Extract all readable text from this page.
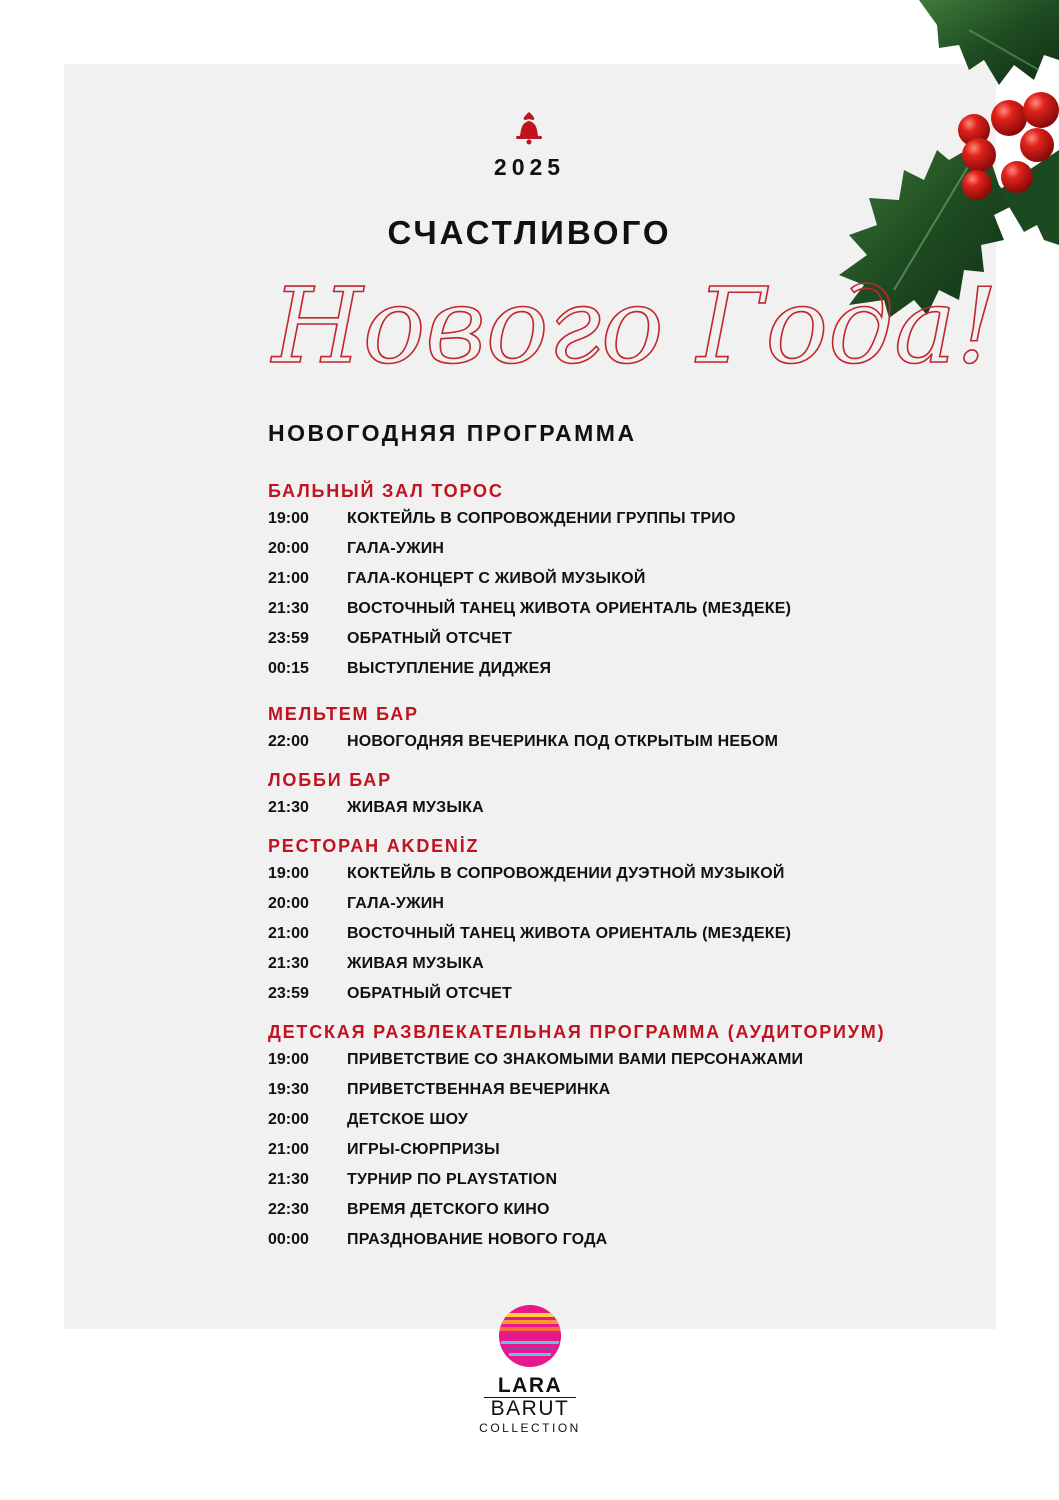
2025
СЧАСТЛИВОГО
Нового Года!
НОВОГОДНЯЯ ПРОГРАММА
БАЛЬНЫЙ ЗАЛ ТОРОС
19:00	КОКТЕЙЛЬ В СОПРОВОЖДЕНИИ ГРУППЫ ТРИО
20:00	ГАЛА-УЖИН
21:00	ГАЛА-КОНЦЕРТ С ЖИВОЙ МУЗЫКОЙ
21:30	ВОСТОЧНЫЙ ТАНЕЦ ЖИВОТА ОРИЕНТАЛЬ (МЕЗДЕКЕ)
23:59	ОБРАТНЫЙ ОТСЧЕТ
00:15	ВЫСТУПЛЕНИЕ ДИДЖЕЯ
МЕЛЬТЕМ БАР
22:00	НОВОГОДНЯЯ ВЕЧЕРИНКА ПОД ОТКРЫТЫМ НЕБОМ
ЛОББИ БАР
21:30	ЖИВАЯ МУЗЫКА
РЕСТОРАН AKDENİZ
19:00	КОКТЕЙЛЬ В СОПРОВОЖДЕНИИ ДУЭТНОЙ МУЗЫКОЙ
20:00	ГАЛА-УЖИН
21:00	ВОСТОЧНЫЙ ТАНЕЦ ЖИВОТА ОРИЕНТАЛЬ (МЕЗДЕКЕ)
21:30	ЖИВАЯ МУЗЫКА
23:59	ОБРАТНЫЙ ОТСЧЕТ
ДЕТСКАЯ РАЗВЛЕКАТЕЛЬНАЯ ПРОГРАММА (АУДИТОРИУМ)
19:00	ПРИВЕТСТВИЕ СО ЗНАКОМЫМИ ВАМИ ПЕРСОНАЖАМИ
19:30	ПРИВЕТСТВЕННАЯ ВЕЧЕРИНКА
20:00	ДЕТСКОЕ ШОУ
21:00	ИГРЫ-СЮРПРИЗЫ
21:30	ТУРНИР ПО PLAYSTATION
22:30	ВРЕМЯ ДЕТСКОГО КИНО
00:00	ПРАЗДНОВАНИЕ НОВОГО ГОДА
LARA
BARUT
COLLECTION
